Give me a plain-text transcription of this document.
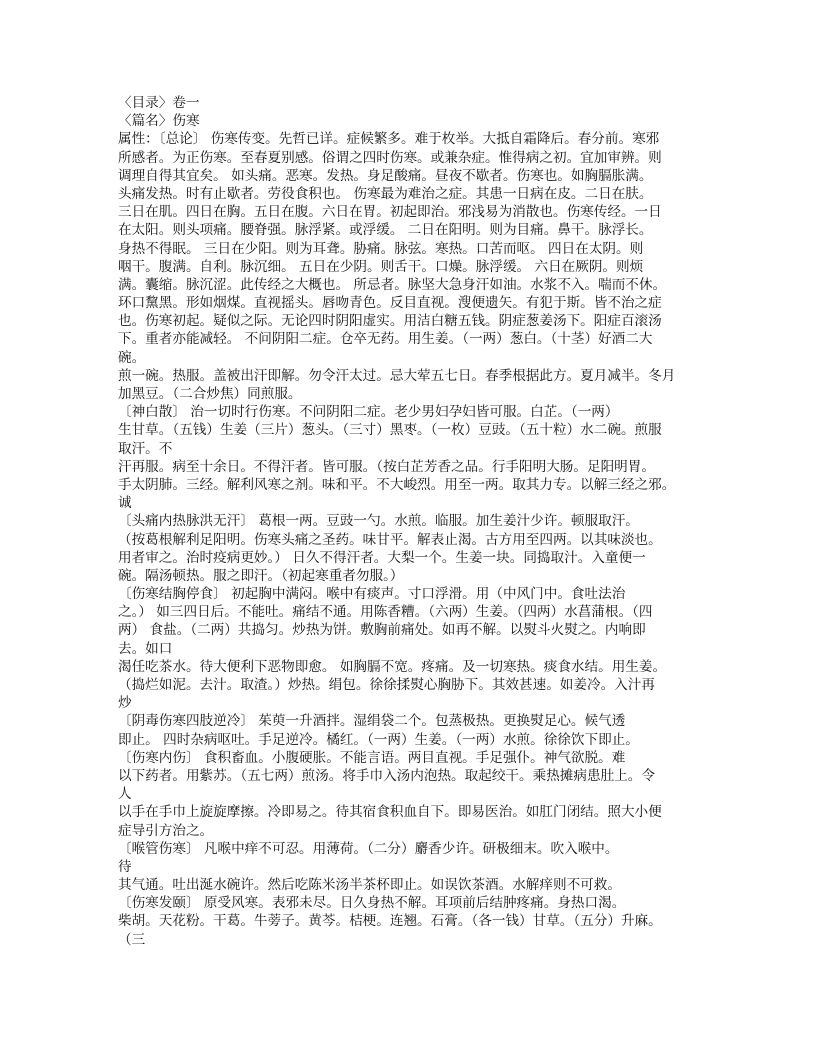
〈目录〉卷一
〈篇名〉伤寒
属性：〔总论〕 伤寒传变。先哲已详。症候繁多。难于枚举。大抵自霜降后。春分前。寒邪
所感者。为正伤寒。至春夏别感。俗谓之四时伤寒。或兼杂症。惟得病之初。宜加审辨。则
调理自得其宜矣。 如头痛。恶寒。发热。身足酸痛。昼夜不歇者。伤寒也。如胸膈胀满。
头痛发热。时有止歇者。劳役食积也。 伤寒最为难治之症。其患一日病在皮。二日在肤。
三日在肌。四日在胸。五日在腹。六日在胃。初起即治。邪浅易为消散也。伤寒传经。一日
在太阳。则头项痛。腰脊强。脉浮紧。或浮缓。 二日在阳明。则为目痛。鼻干。脉浮长。
身热不得眠。 三日在少阳。则为耳聋。胁痛。脉弦。寒热。口苦而呕。 四日在太阴。则
咽干。腹满。自利。脉沉细。 五日在少阴。则舌干。口燥。脉浮缓。 六日在厥阴。则烦
满。囊缩。脉沉涩。此传经之大概也。 所忌者。脉坚大急身汗如油。水浆不入。喘而不休。
环口黧黑。形如烟煤。直视摇头。唇吻青色。反目直视。溲便遗矢。有犯于斯。皆不治之症
也。伤寒初起。疑似之际。无论四时阴阳虚实。用洁白糖五钱。阴症葱姜汤下。阳症百滚汤
下。重者亦能减轻。 不问阴阳二症。仓卒无药。用生姜。（一两）葱白。（十茎）好酒二大
碗。
煎一碗。热服。盖被出汗即解。勿令汗太过。忌大荤五七日。春季根据此方。夏月减半。冬月
加黑豆。（二合炒焦）同煎服。
〔神白散〕 治一切时行伤寒。不问阴阳二症。老少男妇孕妇皆可服。白芷。（一两）
生甘草。（五钱）生姜（三片）葱头。（三寸）黑枣。（一枚）豆豉。（五十粒）水二碗。煎服
取汗。不
汗再服。病至十余日。不得汗者。皆可服。（按白芷芳香之品。行手阳明大肠。足阳明胃。
手太阴肺。三经。解利风寒之剂。味和平。不大峻烈。用至一两。取其力专。以解三经之邪。
诚
〔头痛内热脉洪无汗〕 葛根一两。豆豉一勺。水煎。临服。加生姜汁少许。顿服取汗。
（按葛根解利足阳明。伤寒头痛之圣药。味甘平。解表止渴。古方用至四两。以其味淡也。
用者审之。治时疫病更妙。） 日久不得汗者。大梨一个。生姜一块。同捣取汁。入童便一
碗。隔汤顿热。服之即汗。（初起寒重者勿服。）
〔伤寒结胸停食〕 初起胸中满闷。喉中有痰声。寸口浮滑。用（中风门中。食吐法治
之。） 如三四日后。不能吐。痛结不通。用陈香糟。（六两）生姜。（四两）水菖蒲根。（四
两） 食盐。（二两）共捣匀。炒热为饼。敷胸前痛处。如再不解。以熨斗火熨之。内响即
去。如口
渴任吃茶水。待大便利下恶物即愈。 如胸膈不宽。疼痛。及一切寒热。痰食水结。用生姜。
（捣烂如泥。去汁。取渣。）炒热。绢包。徐徐揉熨心胸胁下。其效甚速。如姜冷。入汁再
炒
〔阴毒伤寒四肢逆冷〕 茱萸一升酒拌。湿绢袋二个。包蒸极热。更换熨足心。候气透
即止。 四时杂病呕吐。手足逆冷。橘红。（一两）生姜。（一两）水煎。徐徐饮下即止。
〔伤寒内伤〕 食积畜血。小腹硬胀。不能言语。两目直视。手足强仆。神气欲脱。难
以下药者。用紫苏。（五七两）煎汤。将手巾入汤内泡热。取起绞干。乘热摊病患肚上。令
人
以手在手巾上旋旋摩擦。冷即易之。待其宿食积血自下。即易医治。如肛门闭结。照大小便
症导引方治之。
〔喉管伤寒〕 凡喉中痒不可忍。用薄荷。（二分）麝香少许。研极细末。吹入喉中。
待
其气通。吐出涎水碗许。然后吃陈米汤半茶杯即止。如误饮茶酒。水解痒则不可救。
〔伤寒发颐〕 原受风寒。表邪未尽。日久身热不解。耳项前后结肿疼痛。身热口渴。
柴胡。天花粉。干葛。牛蒡子。黄芩。桔梗。连翘。石膏。（各一钱）甘草。（五分）升麻。
（三
